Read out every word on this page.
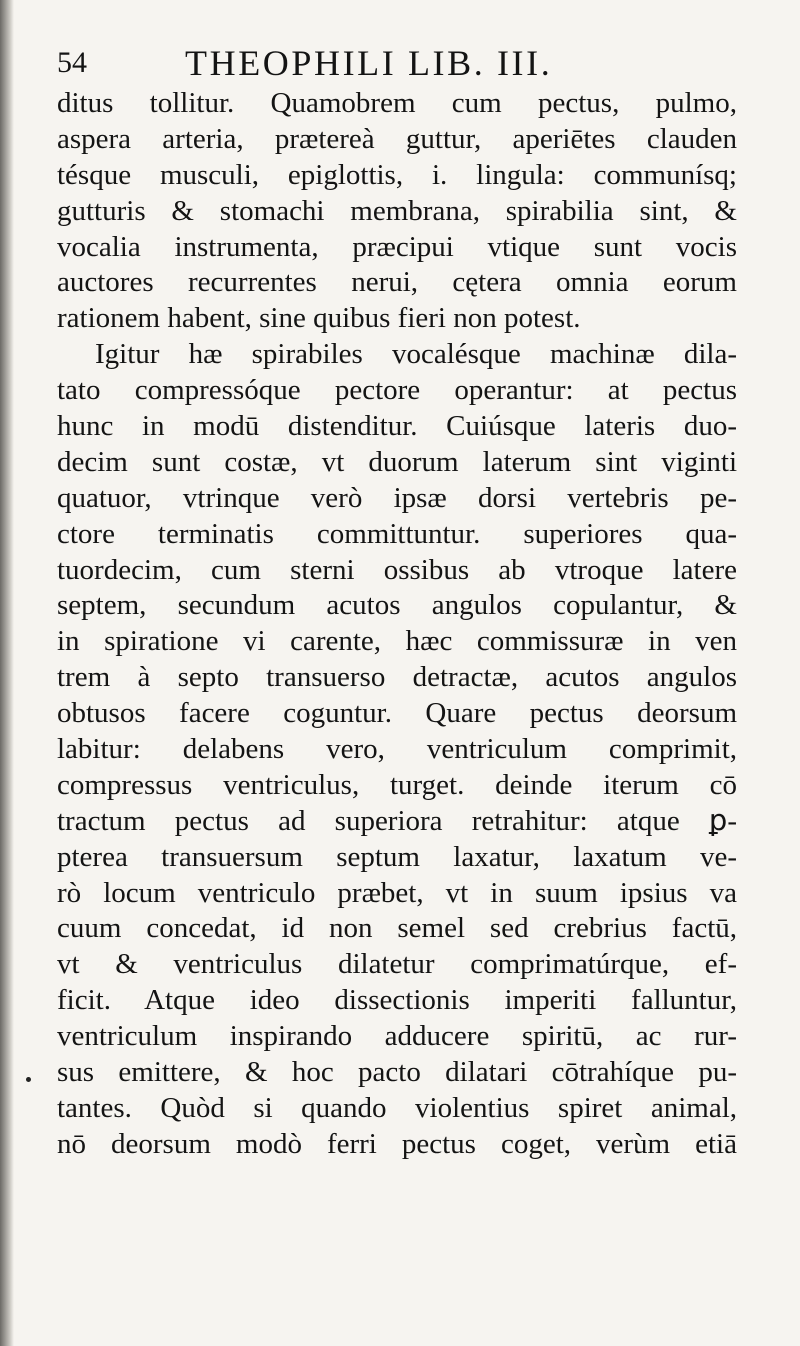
54	THEOPHILI LIB. III.
ditus tollitur. Quamobrem cum pectus, pulmo,
aspera arteria, prætereà guttur, aperiētes clauden
tésque musculi, epiglottis, i. lingula: communísq;
gutturis & stomachi membrana, spirabilia sint, &
vocalia instrumenta, præcipui vtique sunt vocis
auctores recurrentes nerui, cętera omnia eorum
rationem habent, sine quibus fieri non potest.
Igitur hæ spirabiles vocalésque machinæ dila-
tato compressóque pectore operantur: at pectus
hunc in modū distenditur. Cuiúsque lateris duo-
decim sunt costæ, vt duorum laterum sint viginti
quatuor, vtrinque verò ipsæ dorsi vertebris pe-
ctore terminatis committuntur. superiores qua-
tuordecim, cum sterni ossibus ab vtroque latere
septem, secundum acutos angulos copulantur, &
in spiratione vi carente, hæc commissuræ in ven
trem à septo transuerso detractæ, acutos angulos
obtusos facere coguntur. Quare pectus deorsum
labitur: delabens vero, ventriculum comprimit,
compressus ventriculus, turget. deinde iterum cō
tractum pectus ad superiora retrahitur: atque ꝑ-
pterea transuersum septum laxatur, laxatum ve-
rò locum ventriculo præbet, vt in suum ipsius va
cuum concedat, id non semel sed crebrius factū,
vt & ventriculus dilatetur comprimatúrque, ef-
ficit. Atque ideo dissectionis imperiti falluntur,
ventriculum inspirando adducere spiritū, ac rur-
sus emittere, & hoc pacto dilatari cōtrahíque pu-
tantes. Quòd si quando violentius spiret animal,
nō deorsum modò ferri pectus coget, verùm etiā
